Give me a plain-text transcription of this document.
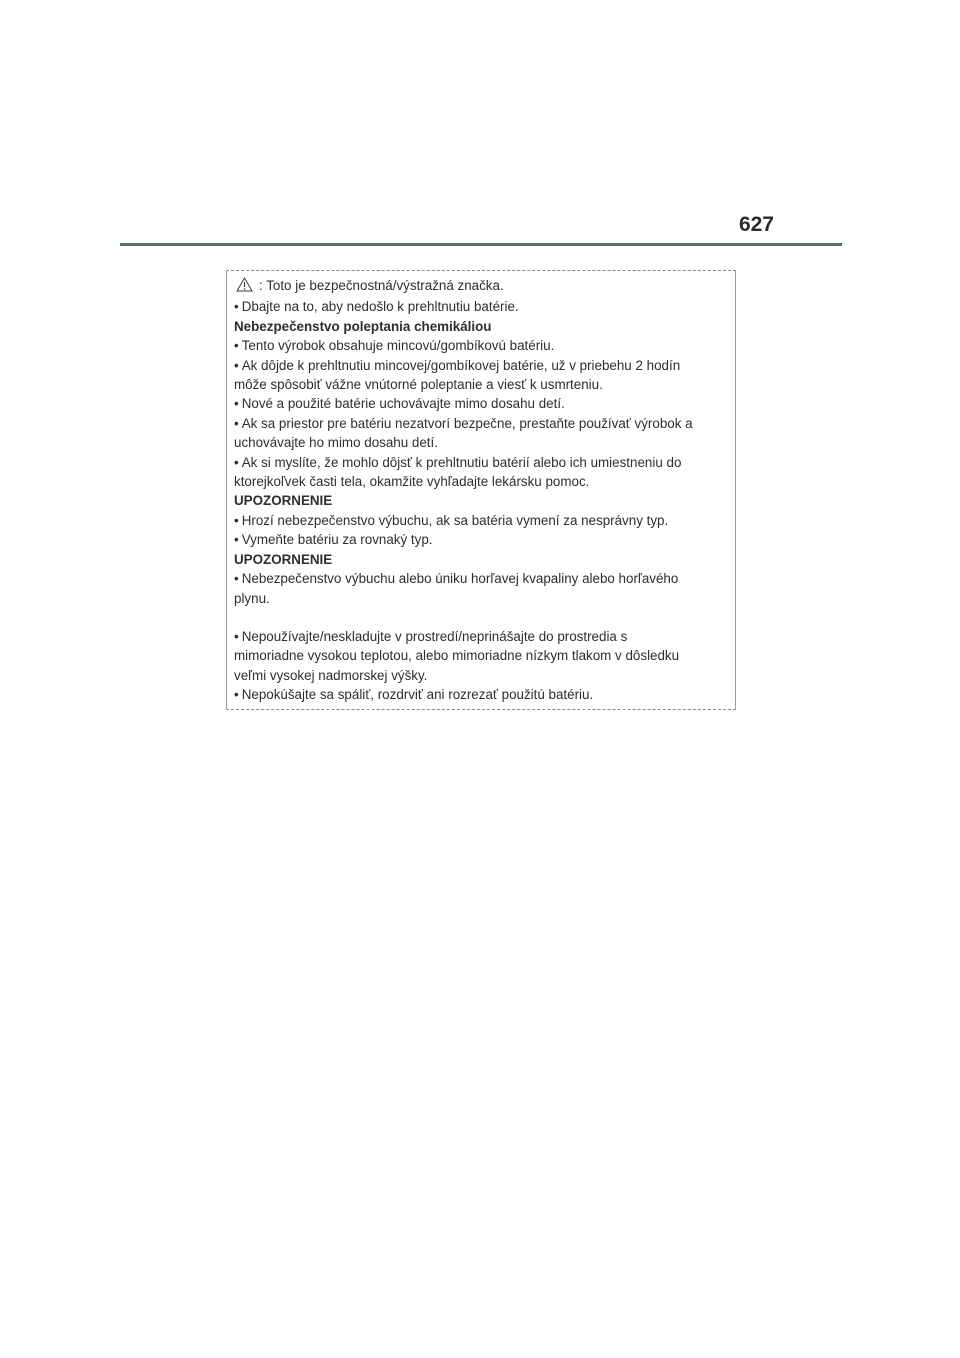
627
: Toto je bezpečnostná/výstražná značka.
• Dbajte na to, aby nedošlo k prehltnutiu batérie.
Nebezpečenstvo poleptania chemikáliou
• Tento výrobok obsahuje mincovú/gombíkovú batériu.
• Ak dôjde k prehltnutiu mincovej/gombíkovej batérie, už v priebehu 2 hodín
môže spôsobiť vážne vnútorné poleptanie a viesť k usmrteniu.
• Nové a použité batérie uchovávajte mimo dosahu detí.
• Ak sa priestor pre batériu nezatvorí bezpečne, prestaňte používať výrobok a
uchovávajte ho mimo dosahu detí.
• Ak si myslíte, že mohlo dôjsť k prehltnutiu batérií alebo ich umiestneniu do
ktorejkoľvek časti tela, okamžite vyhľadajte lekársku pomoc.
UPOZORNENIE
• Hrozí nebezpečenstvo výbuchu, ak sa batéria vymení za nesprávny typ.
• Vymeňte batériu za rovnaký typ.
UPOZORNENIE
• Nebezpečenstvo výbuchu alebo úniku horľavej kvapaliny alebo horľavého
plynu.
• Nepoužívajte/neskladujte v prostredí/neprinášajte do prostredia s
mimoriadne vysokou teplotou, alebo mimoriadne nízkym tlakom v dôsledku
veľmi vysokej nadmorskej výšky.
• Nepokúšajte sa spáliť, rozdrviť ani rozrezať použitú batériu.
